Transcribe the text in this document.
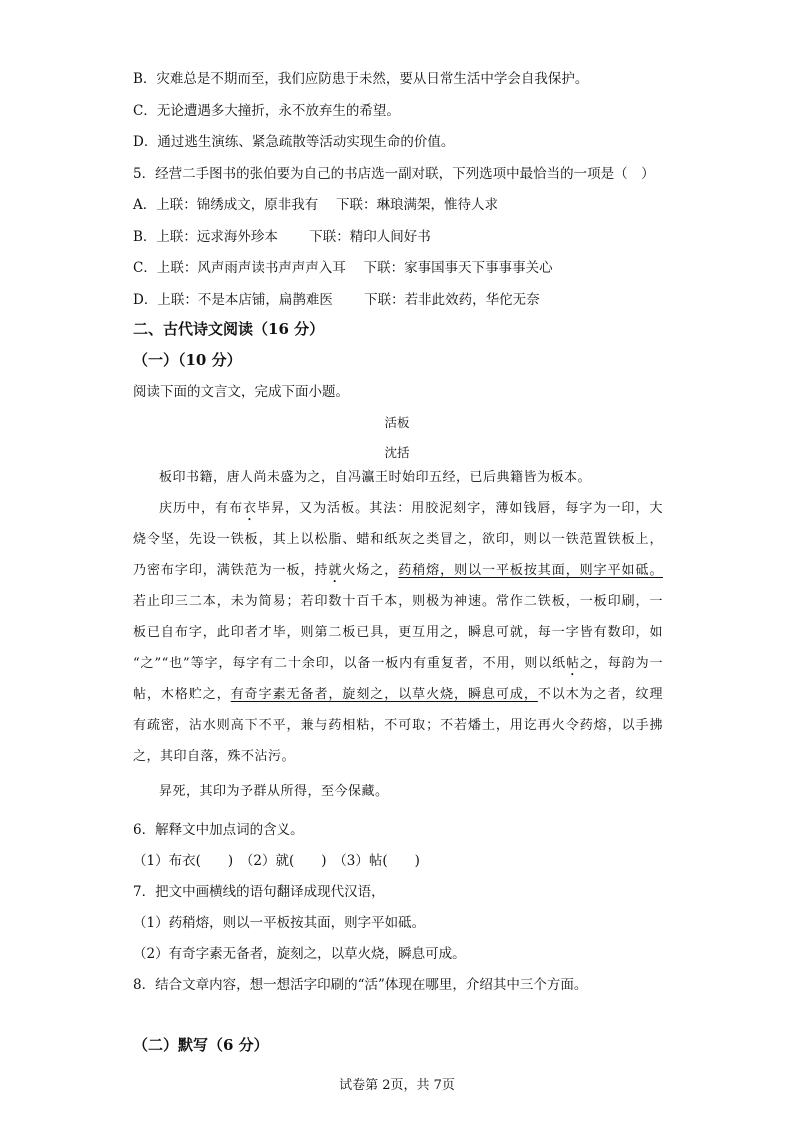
B．灾难总是不期而至，我们应防患于未然，要从日常生活中学会自我保护。
C．无论遭遇多大撞折，永不放弃生的希望。
D．通过逃生演练、紧急疏散等活动实现生命的价值。
5．经营二手图书的张伯要为自己的书店选一副对联，下列选项中最恰当的一项是（　）
A．上联：锦绣成文，原非我有　 下联：琳琅满架，惟待人求
B．上联：远求海外珍本　　 下联：精印人间好书
C．上联：风声雨声读书声声声入耳　 下联：家事国事天下事事事关心
D．上联：不是本店铺，扁鹊难医　　 下联：若非此效药，华佗无奈
二、古代诗文阅读（16 分）
（一）（10 分）
阅读下面的文言文，完成下面小题。
活板
沈括
板印书籍，唐人尚未盛为之，自冯瀛王时始印五经，已后典籍皆为板本。
庆历中，有布衣毕昇，又为活板。其法：用胶泥刻字，薄如钱唇，每字为一印，大
烧令坚，先设一铁板，其上以松脂、蜡和纸灰之类冒之，欲印，则以一铁范置铁板上，
乃密布字印，满铁范为一板，持就火炀之，药稍熔，则以一平板按其面，则字平如砥。
若止印三二本，未为简易；若印数十百千本，则极为神速。常作二铁板，一板印刷，一
板已自布字，此印者才毕，则第二板已具，更互用之，瞬息可就，每一字皆有数印，如
“之”“也”等字，每字有二十余印，以备一板内有重复者，不用，则以纸帖之，每韵为一
帖，木格贮之，有奇字素无备者，旋刻之，以草火烧，瞬息可成，不以木为之者，纹理
有疏密，沾水则高下不平，兼与药相粘，不可取；不若燔土，用讫再火令药熔，以手拂
之，其印自落，殊不沾污。
昇死，其印为予群从所得，至今保藏。
6．解释文中加点词的含义。
（1）布衣(　　)　（2）就(　　)　（3）帖(　　)
7．把文中画横线的语句翻译成现代汉语，
（1）药稍熔，则以一平板按其面，则字平如砥。
（2）有奇字素无备者，旋刻之，以草火烧，瞬息可成。
8．结合文章内容，想一想活字印刷的“活”体现在哪里，介绍其中三个方面。
（二）默写（6 分）
试卷第 2页，共 7页
